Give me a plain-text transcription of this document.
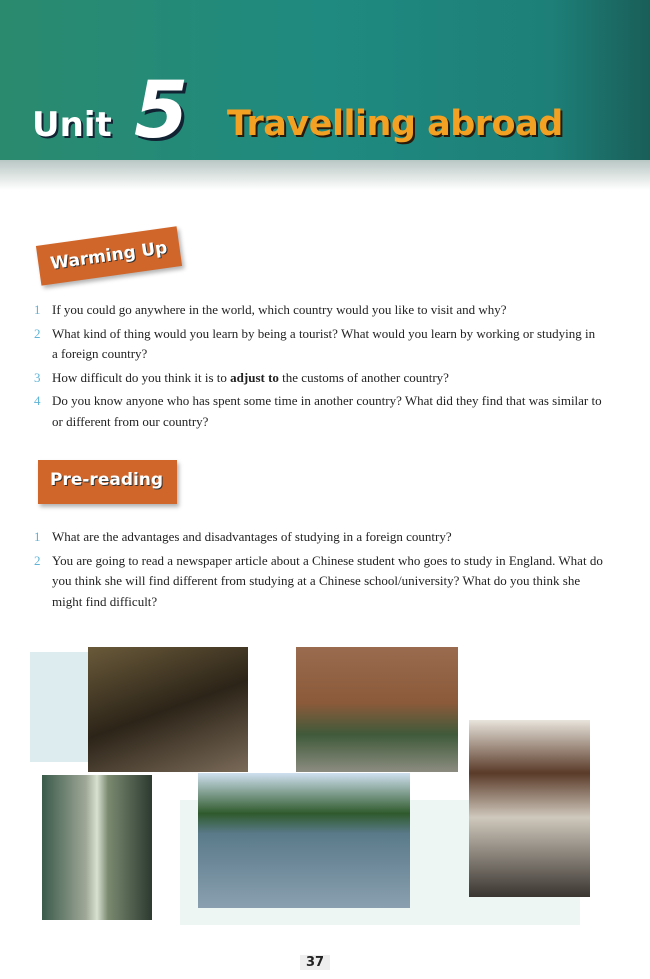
Unit 5 Travelling abroad
Warming Up
1 If you could go anywhere in the world, which country would you like to visit and why?
2 What kind of thing would you learn by being a tourist? What would you learn by working or studying in a foreign country?
3 How difficult do you think it is to adjust to the customs of another country?
4 Do you know anyone who has spent some time in another country? What did they find that was similar to or different from our country?
Pre-reading
1 What are the advantages and disadvantages of studying in a foreign country?
2 You are going to read a newspaper article about a Chinese student who goes to study in England. What do you think she will find different from studying at a Chinese school/university? What do you think she might find difficult?
37
